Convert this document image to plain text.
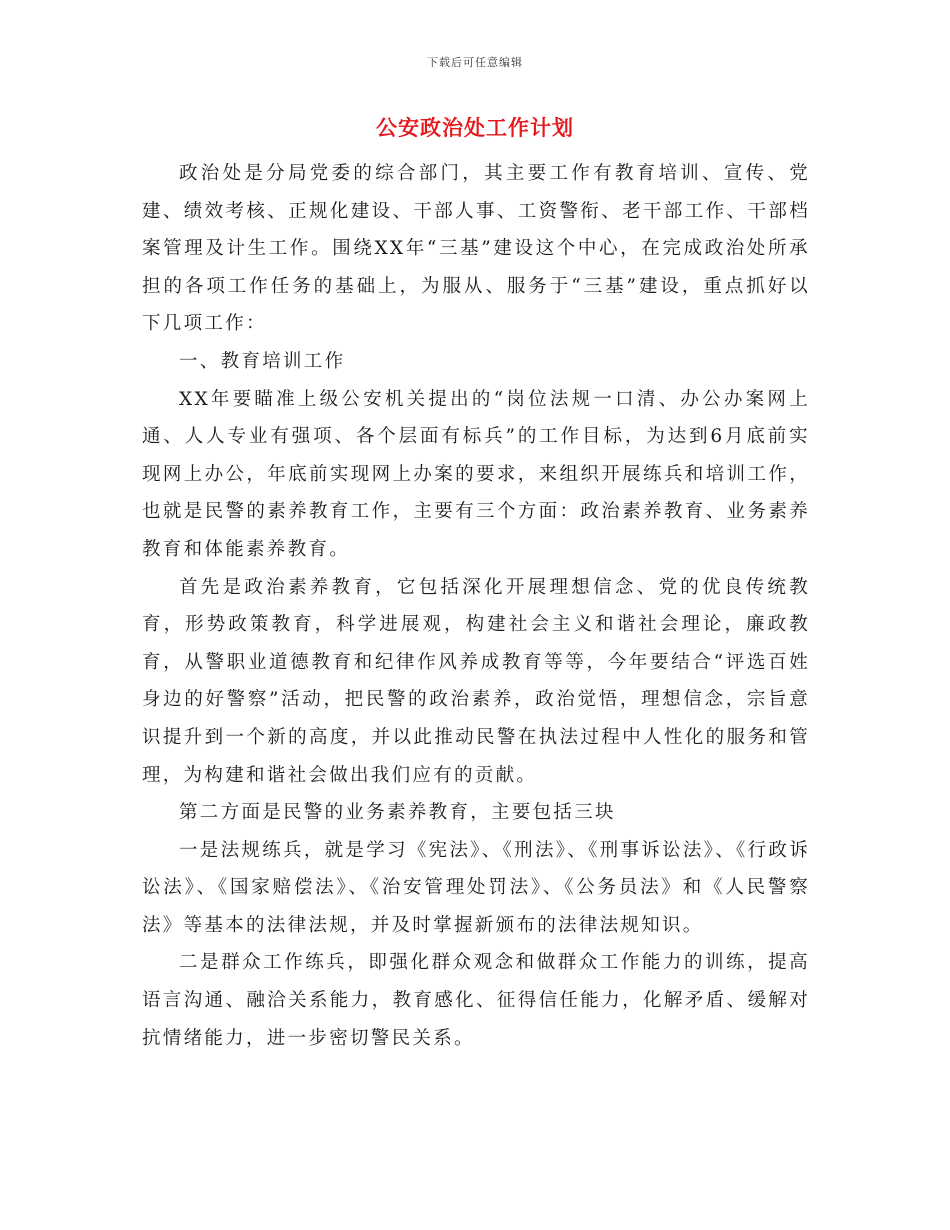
下载后可任意编辑
公安政治处工作计划

政治处是分局党委的综合部门，其主要工作有教育培训、宣传、党建、绩效考核、正规化建设、干部人事、工资警衔、老干部工作、干部档案管理及计生工作。围绕XX年“三基”建设这个中心，在完成政治处所承担的各项工作任务的基础上，为服从、服务于“三基”建设，重点抓好以下几项工作：

一、教育培训工作

XX年要瞄准上级公安机关提出的“岗位法规一口清、办公办案网上通、人人专业有强项、各个层面有标兵”的工作目标，为达到6月底前实现网上办公，年底前实现网上办案的要求，来组织开展练兵和培训工作，也就是民警的素养教育工作，主要有三个方面：政治素养教育、业务素养教育和体能素养教育。

首先是政治素养教育，它包括深化开展理想信念、党的优良传统教育，形势政策教育，科学进展观，构建社会主义和谐社会理论，廉政教育，从警职业道德教育和纪律作风养成教育等等，今年要结合“评选百姓身边的好警察”活动，把民警的政治素养，政治觉悟，理想信念，宗旨意识提升到一个新的高度，并以此推动民警在执法过程中人性化的服务和管理，为构建和谐社会做出我们应有的贡献。

第二方面是民警的业务素养教育，主要包括三块

一是法规练兵，就是学习《宪法》、《刑法》、《刑事诉讼法》、《行政诉讼法》、《国家赔偿法》、《治安管理处罚法》、《公务员法》和《人民警察法》等基本的法律法规，并及时掌握新颁布的法律法规知识。

二是群众工作练兵，即强化群众观念和做群众工作能力的训练，提高语言沟通、融洽关系能力，教育感化、征得信任能力，化解矛盾、缓解对抗情绪能力，进一步密切警民关系。
